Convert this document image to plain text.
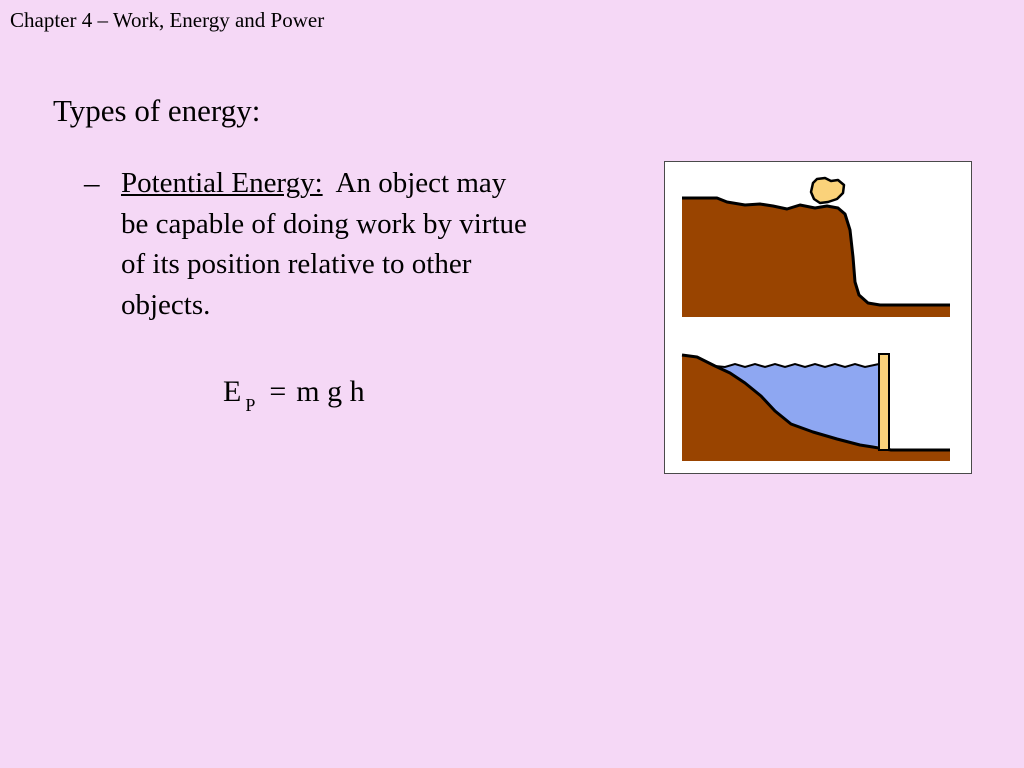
Chapter 4 – Work, Energy and Power
Types of energy:
– Potential Energy: An object may
be capable of doing work by virtue
of its position relative to other
objects.
E $_P$ = m g h
